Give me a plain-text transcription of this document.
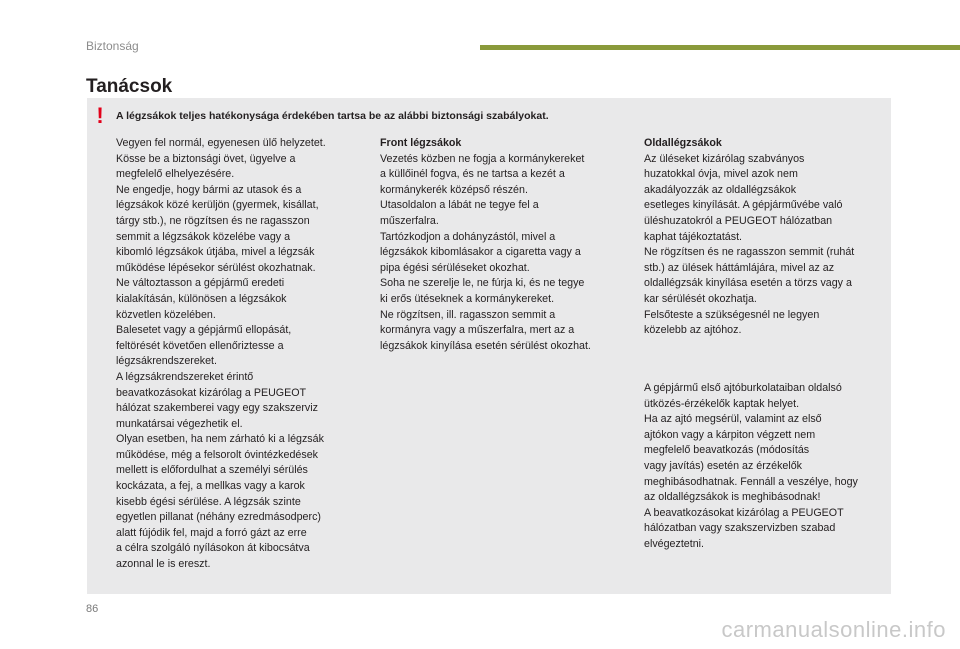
Biztonság
Tanácsok
! A légzsákok teljes hatékonysága érdekében tartsa be az alábbi biztonsági szabályokat.
Vegyen fel normál, egyenesen ülő helyzetet.
Kösse be a biztonsági övet, ügyelve a
megfelelő elhelyezésére.
Ne engedje, hogy bármi az utasok és a
légzsákok közé kerüljön (gyermek, kisállat,
tárgy stb.), ne rögzítsen és ne ragasszon
semmit a légzsákok közelébe vagy a
kibomló légzsákok útjába, mivel a légzsák
működése lépésekor sérülést okozhatnak.
Ne változtasson a gépjármű eredeti
kialakításán, különösen a légzsákok
közvetlen közelében.
Balesetet vagy a gépjármű ellopását,
feltörését követően ellenőriztesse a
légzsákrendszereket.
A légzsákrendszereket érintő
beavatkozásokat kizárólag a PEUGEOT
hálózat szakemberei vagy egy szakszerviz
munkatársai végezhetik el.
Olyan esetben, ha nem zárható ki a légzsák
működése, még a felsorolt óvintézkedések
mellett is előfordulhat a személyi sérülés
kockázata, a fej, a mellkas vagy a karok
kisebb égési sérülése. A légzsák szinte
egyetlen pillanat (néhány ezredmásodperc)
alatt fújódik fel, majd a forró gázt az erre
a célra szolgáló nyílásokon át kibocsátva
azonnal le is ereszt.
Front légzsákok
Vezetés közben ne fogja a kormánykereket
a küllőinél fogva, és ne tartsa a kezét a
kormánykerék középső részén.
Utasoldalon a lábát ne tegye fel a
műszerfalra.
Tartózkodjon a dohányzástól, mivel a
légzsákok kibomlásakor a cigaretta vagy a
pipa égési sérüléseket okozhat.
Soha ne szerelje le, ne fúrja ki, és ne tegye
ki erős ütéseknek a kormánykereket.
Ne rögzítsen, ill. ragasszon semmit a
kormányra vagy a műszerfalra, mert az a
légzsákok kinyílása esetén sérülést okozhat.
Oldallégzsákok
Az üléseket kizárólag szabványos
huzatokkal óvja, mivel azok nem
akadályozzák az oldallégzsákok
esetleges kinyílását. A gépjárművébe való
üléshuzatokról a PEUGEOT hálózatban
kaphat tájékoztatást.
Ne rögzítsen és ne ragasszon semmit (ruhát
stb.) az ülések háttámlájára, mivel az az
oldallégzsák kinyílása esetén a törzs vagy a
kar sérülését okozhatja.
Felsőteste a szükségesnél ne legyen
közelebb az ajtóhoz.
A gépjármű első ajtóburkolataiban oldalsó
ütközés-érzékelők kaptak helyet.
Ha az ajtó megsérül, valamint az első
ajtókon vagy a kárpiton végzett nem
megfelelő beavatkozás (módosítás
vagy javítás) esetén az érzékelők
meghibásodhatnak. Fennáll a veszélye, hogy
az oldallégzsákok is meghibásodnak!
A beavatkozásokat kizárólag a PEUGEOT
hálózatban vagy szakszervizben szabad
elvégeztetni.
86
carmanualsonline.info
